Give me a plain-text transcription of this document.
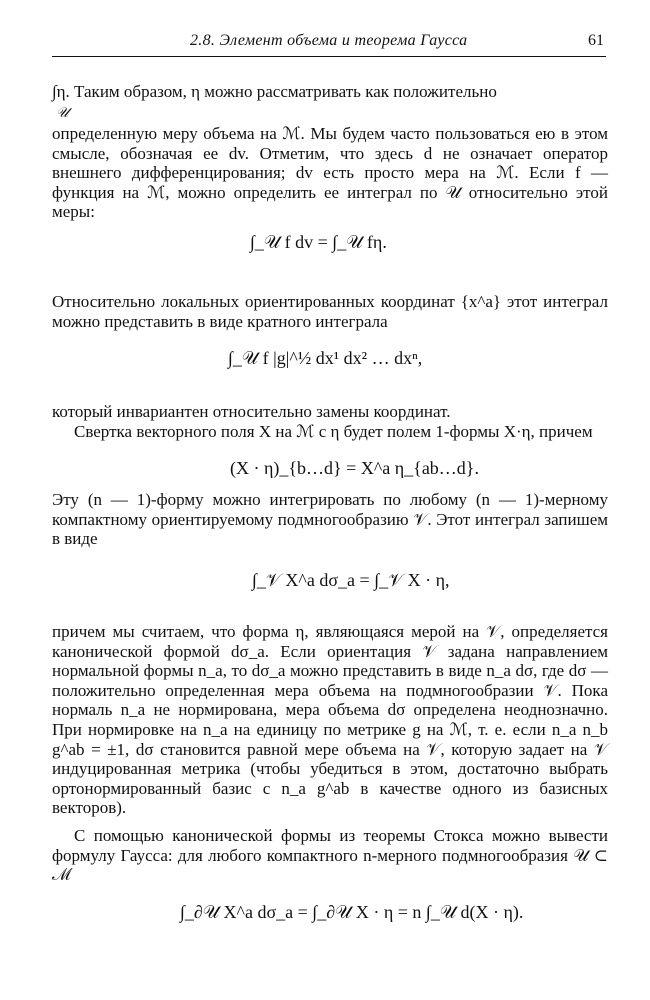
2.8. Элемент объема и теорема Гаусса	61
∫η. Таким образом, η можно рассматривать как положительно
𝒰

определенную меру объема на ℳ. Мы будем часто пользоваться ею в этом смысле, обозначая ее dv. Отметим, что здесь d не означает оператор внешнего дифференцирования; dv есть просто мера на ℳ. Если f — функция на ℳ, можно определить ее интеграл по 𝒰 относительно этой меры:

∫_𝒰 f dv = ∫_𝒰 fη.

Относительно локальных ориентированных координат {x^a} этот интеграл можно представить в виде кратного интеграла

∫_𝒰 f |g|^½ dx¹ dx² … dxⁿ,

который инвариантен относительно замены координат.

Свертка векторного поля X на ℳ с η будет полем 1-формы X·η, причем

(X · η)_{b…d} = X^a η_{ab…d}.

Эту (n — 1)-форму можно интегрировать по любому (n — 1)-мерному компактному ориентируемому подмногообразию 𝒱. Этот интеграл запишем в виде

∫_𝒱 X^a dσ_a = ∫_𝒱 X · η,

причем мы считаем, что форма η, являющаяся мерой на 𝒱, определяется канонической формой dσ_a. Если ориентация 𝒱 задана направлением нормальной формы n_a, то dσ_a можно представить в виде n_a dσ, где dσ — положительно определенная мера объема на подмногообразии 𝒱. Пока нормаль n_a не нормирована, мера объема dσ определена неоднозначно. При нормировке на n_a на единицу по метрике g на ℳ, т. е. если n_a n_b g^ab = ±1, dσ становится равной мере объема на 𝒱, которую задает на 𝒱 индуцированная метрика (чтобы убедиться в этом, достаточно выбрать ортонормированный базис с n_a g^ab в качестве одного из базисных векторов).

С помощью канонической формы из теоремы Стокса можно вывести формулу Гаусса: для любого компактного n-мерного подмногообразия 𝒰 ⊂ ℳ

∫_∂𝒰 X^a dσ_a = ∫_∂𝒰 X · η = n ∫_𝒰 d(X · η).
